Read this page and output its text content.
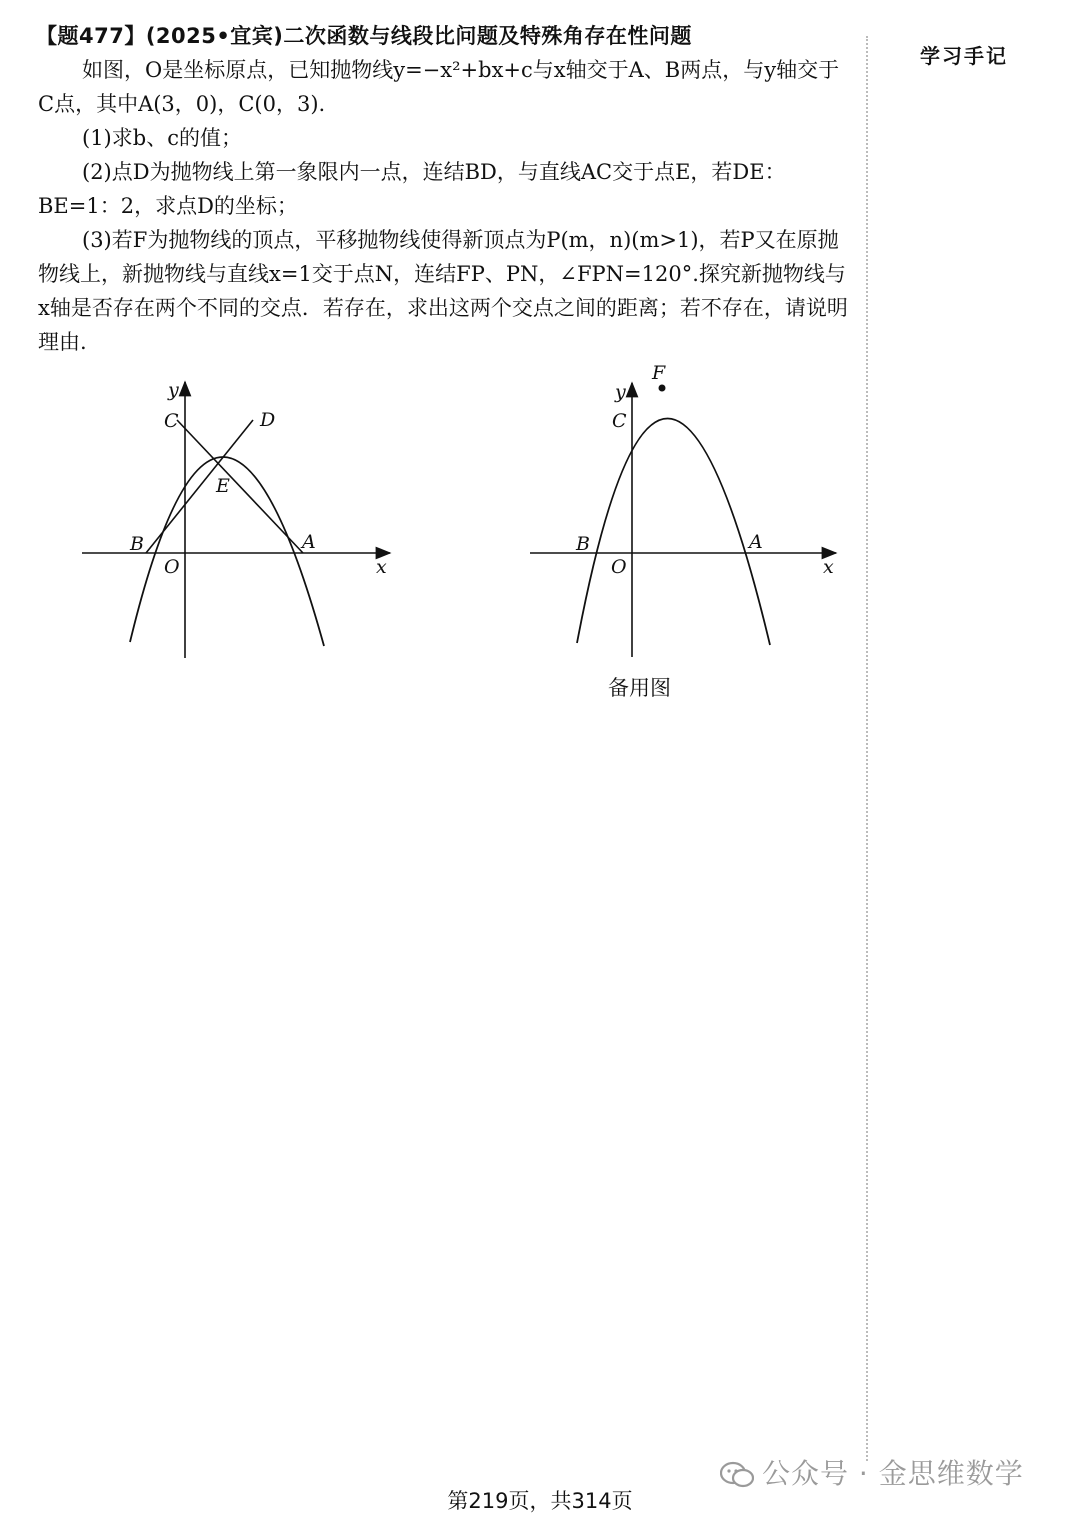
【题477】(2025•宜宾)二次函数与线段比问题及特殊角存在性问题
学习手记

如图，O是坐标原点，已知抛物线y=−x²+bx+c与x轴交于A、B两点，与y轴交于C点，其中A(3，0)，C(0，3).

(1)求b、c的值；

(2)点D为抛物线上第一象限内一点，连结BD，与直线AC交于点E，若DE：BE=1：2，求点D的坐标；

(3)若F为抛物线的顶点，平移抛物线使得新顶点为P(m，n)(m>1)，若P又在原抛物线上，新抛物线与直线x=1交于点N，连结FP、PN，∠FPN=120°.探究新抛物线与x轴是否存在两个不同的交点．若存在，求出这两个交点之间的距离；若不存在，请说明理由.

y
C	D
E
B	A
O	x
F
y
C
B	A
O	x
备用图
公众号 · 金思维数学
第219页，共314页
